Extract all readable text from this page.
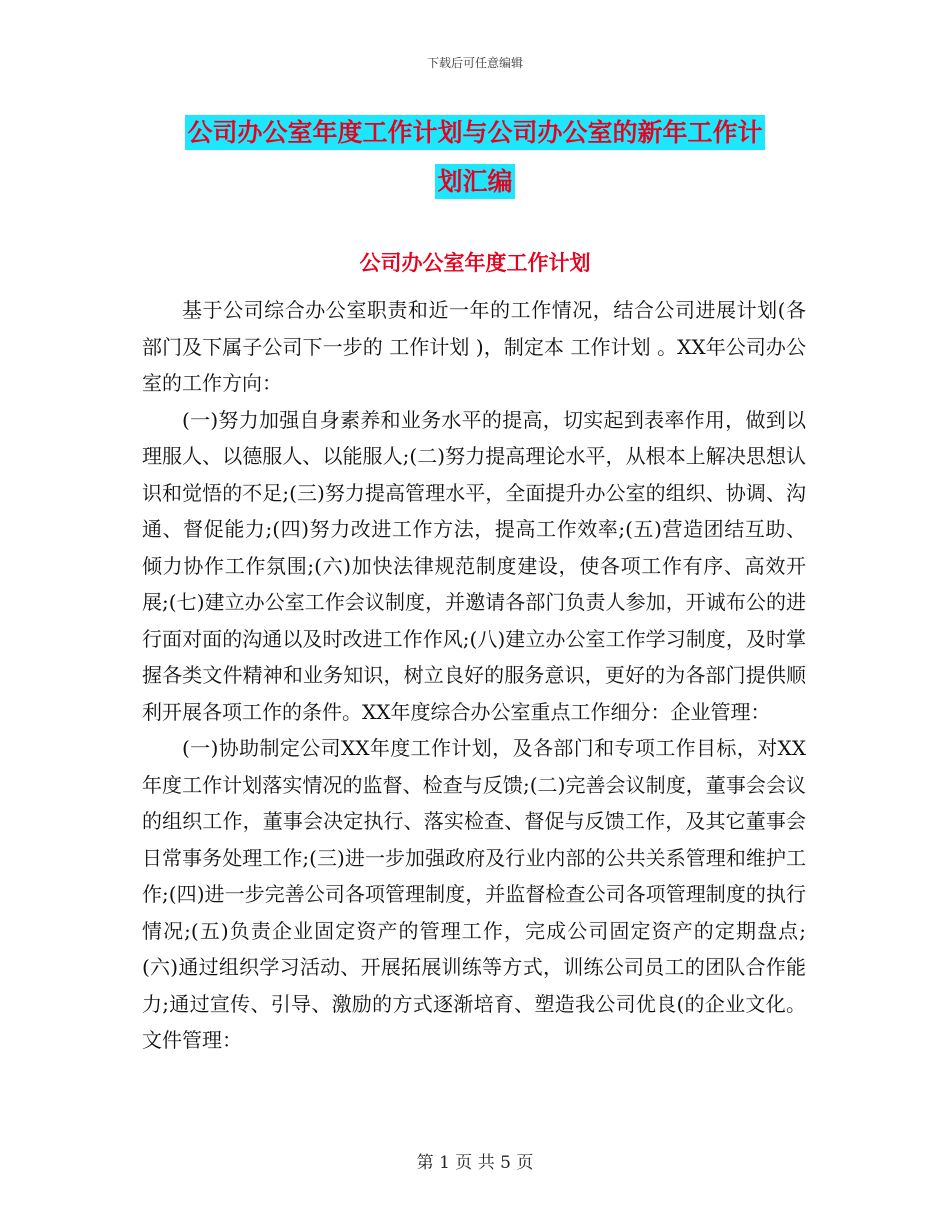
下载后可任意编辑
公司办公室年度工作计划与公司办公室的新年工作计
划汇编
公司办公室年度工作计划

基于公司综合办公室职责和近一年的工作情况，结合公司进展计划(各部门及下属子公司下一步的 工作计划 )，制定本 工作计划 。XX年公司办公室的工作方向：

(一)努力加强自身素养和业务水平的提高，切实起到表率作用，做到以理服人、以德服人、以能服人;(二)努力提高理论水平，从根本上解决思想认识和觉悟的不足;(三)努力提高管理水平，全面提升办公室的组织、协调、沟通、督促能力;(四)努力改进工作方法，提高工作效率;(五)营造团结互助、倾力协作工作氛围;(六)加快法律规范制度建设，使各项工作有序、高效开展;(七)建立办公室工作会议制度，并邀请各部门负责人参加，开诚布公的进行面对面的沟通以及时改进工作作风;(八)建立办公室工作学习制度，及时掌握各类文件精神和业务知识，树立良好的服务意识，更好的为各部门提供顺利开展各项工作的条件。XX年度综合办公室重点工作细分：企业管理：

(一)协助制定公司XX年度工作计划，及各部门和专项工作目标，对XX年度工作计划落实情况的监督、检查与反馈;(二)完善会议制度，董事会会议的组织工作，董事会决定执行、落实检查、督促与反馈工作，及其它董事会日常事务处理工作;(三)进一步加强政府及行业内部的公共关系管理和维护工作;(四)进一步完善公司各项管理制度，并监督检查公司各项管理制度的执行情况;(五)负责企业固定资产的管理工作，完成公司固定资产的定期盘点;(六)通过组织学习活动、开展拓展训练等方式，训练公司员工的团队合作能力;通过宣传、引导、激励的方式逐渐培育、塑造我公司优良(的企业文化。文件管理：

第 1 页 共 5 页
